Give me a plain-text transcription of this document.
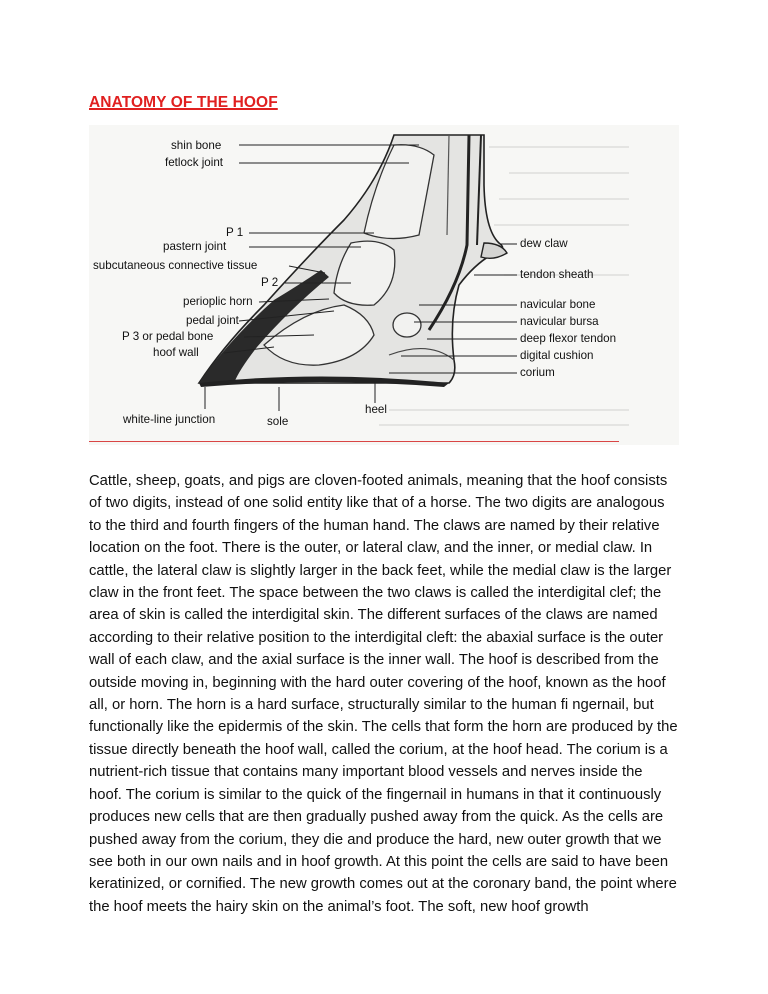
ANATOMY OF THE HOOF
shin bone
fetlock joint
P 1
pastern joint
subcutaneous connective tissue
P 2
perioplic horn
pedal joint
P 3 or pedal bone
hoof wall
dew claw
tendon sheath
navicular bone
navicular bursa
deep flexor tendon
digital cushion
corium
white-line junction	sole
heel

Cattle, sheep, goats, and pigs are cloven-footed animals, meaning that the hoof consists of two digits, instead of one solid entity like that of a horse. The two digits are analogous to the third and fourth fingers of the human hand. The claws are named by their relative location on the foot. There is the outer, or lateral claw, and the inner, or medial claw. In cattle, the lateral claw is slightly larger in the back feet, while the medial claw is the larger claw in the front feet. The space between the two claws is called the interdigital clef; the area of skin is called the interdigital skin. The different surfaces of the claws are named according to their relative position to the interdigital cleft: the abaxial surface is the outer wall of each claw, and the axial surface is the inner wall. The hoof is described from the outside moving in, beginning with the hard outer covering of the hoof, known as the hoof all, or horn. The horn is a hard surface, structurally similar to the human fi ngernail, but functionally like the epidermis of the skin. The cells that form the horn are produced by the tissue directly beneath the hoof wall, called the corium, at the hoof head. The corium is a nutrient-rich tissue that contains many important blood vessels and nerves inside the hoof. The corium is similar to the quick of the fingernail in humans in that it continuously produces new cells that are then gradually pushed away from the quick. As the cells are pushed away from the corium, they die and produce the hard, new outer growth that we see both in our own nails and in hoof growth. At this point the cells are said to have been keratinized, or cornified. The new growth comes out at the coronary band, the point where the hoof meets the hairy skin on the animal’s foot. The soft, new hoof growth
